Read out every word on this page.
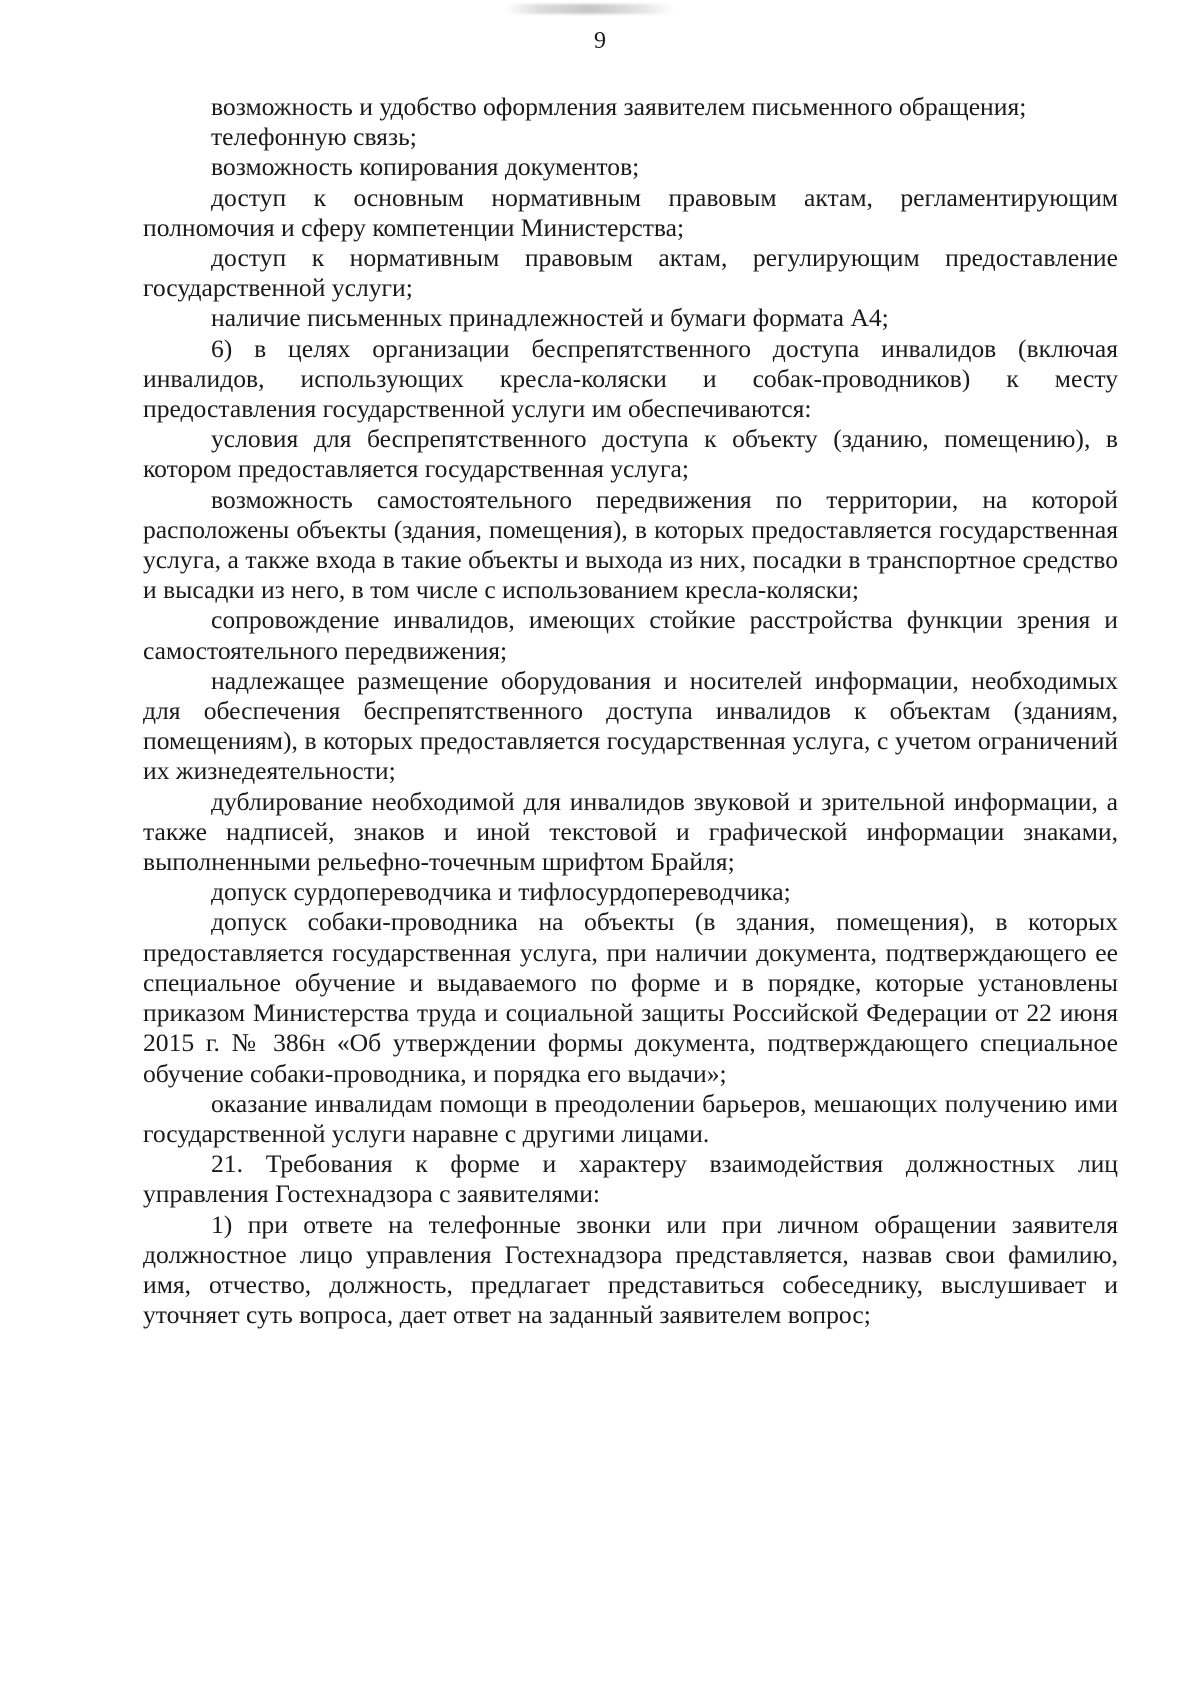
9

возможность и удобство оформления заявителем письменного обращения;

телефонную связь;

возможность копирования документов;

доступ к основным нормативным правовым актам, регламентирующим полномочия и сферу компетенции Министерства;

доступ к нормативным правовым актам, регулирующим предоставление государственной услуги;

наличие письменных принадлежностей и бумаги формата А4;

6) в целях организации беспрепятственного доступа инвалидов (включая инвалидов, использующих кресла-коляски и собак-проводников) к месту предоставления государственной услуги им обеспечиваются:

условия для беспрепятственного доступа к объекту (зданию, помещению), в котором предоставляется государственная услуга;

возможность самостоятельного передвижения по территории, на которой расположены объекты (здания, помещения), в которых предоставляется государственная услуга, а также входа в такие объекты и выхода из них, посадки в транспортное средство и высадки из него, в том числе с использованием кресла-коляски;

сопровождение инвалидов, имеющих стойкие расстройства функции зрения и самостоятельного передвижения;

надлежащее размещение оборудования и носителей информации, необходимых для обеспечения беспрепятственного доступа инвалидов к объектам (зданиям, помещениям), в которых предоставляется государственная услуга, с учетом ограничений их жизнедеятельности;

дублирование необходимой для инвалидов звуковой и зрительной информации, а также надписей, знаков и иной текстовой и графической информации знаками, выполненными рельефно-точечным шрифтом Брайля;

допуск сурдопереводчика и тифлосурдопереводчика;

допуск собаки-проводника на объекты (в здания, помещения), в которых предоставляется государственная услуга, при наличии документа, подтверждающего ее специальное обучение и выдаваемого по форме и в порядке, которые установлены приказом Министерства труда и социальной защиты Российской Федерации от 22 июня 2015 г. № 386н «Об утверждении формы документа, подтверждающего специальное обучение собаки-проводника, и порядка его выдачи»;

оказание инвалидам помощи в преодолении барьеров, мешающих получению ими государственной услуги наравне с другими лицами.

21. Требования к форме и характеру взаимодействия должностных лиц управления Гостехнадзора с заявителями:

1) при ответе на телефонные звонки или при личном обращении заявителя должностное лицо управления Гостехнадзора представляется, назвав свои фамилию, имя, отчество, должность, предлагает представиться собеседнику, выслушивает и уточняет суть вопроса, дает ответ на заданный заявителем вопрос;
